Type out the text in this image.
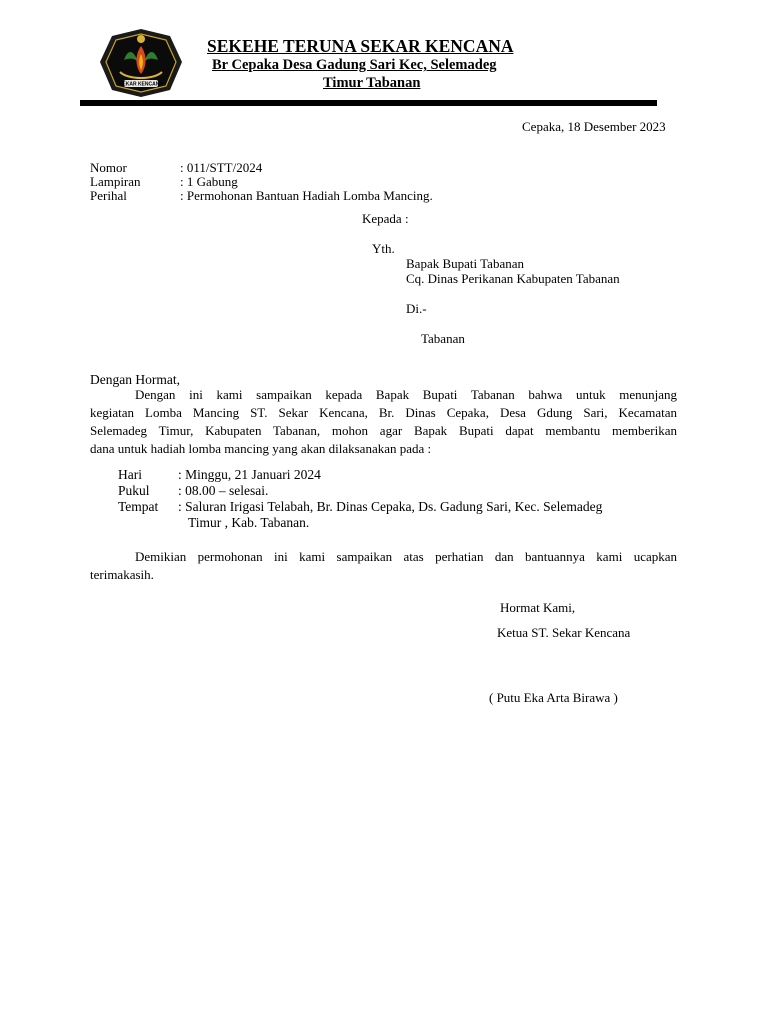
SEKAR KENCANA
SEKEHE TERUNA SEKAR KENCANA
Br Cepaka Desa Gadung Sari Kec, Selemadeg
Timur Tabanan
Cepaka, 18 Desember 2023
Nomor	: 011/STT/2024
Lampiran	: 1 Gabung
Perihal	: Permohonan Bantuan Hadiah Lomba Mancing.
Kepada :
Yth.
Bapak Bupati Tabanan
Cq. Dinas Perikanan Kabupaten Tabanan
Di.-
Tabanan
Dengan Hormat,
Dengan ini kami sampaikan kepada Bapak Bupati Tabanan bahwa untuk menunjang
kegiatan Lomba Mancing ST. Sekar Kencana, Br. Dinas Cepaka, Desa Gdung Sari, Kecamatan
Selemadeg Timur, Kabupaten Tabanan, mohon agar Bapak Bupati dapat membantu memberikan
dana untuk hadiah lomba mancing yang akan dilaksanakan pada :
Hari	: Minggu, 21 Januari 2024
Pukul : 08.00 – selesai.
Tempat : Saluran Irigasi Telabah, Br. Dinas Cepaka, Ds. Gadung Sari, Kec. Selemadeg
Timur , Kab. Tabanan.
Demikian permohonan ini kami sampaikan atas perhatian dan bantuannya kami ucapkan
terimakasih.
Hormat Kami,
Ketua ST. Sekar Kencana
( Putu Eka Arta Birawa )
